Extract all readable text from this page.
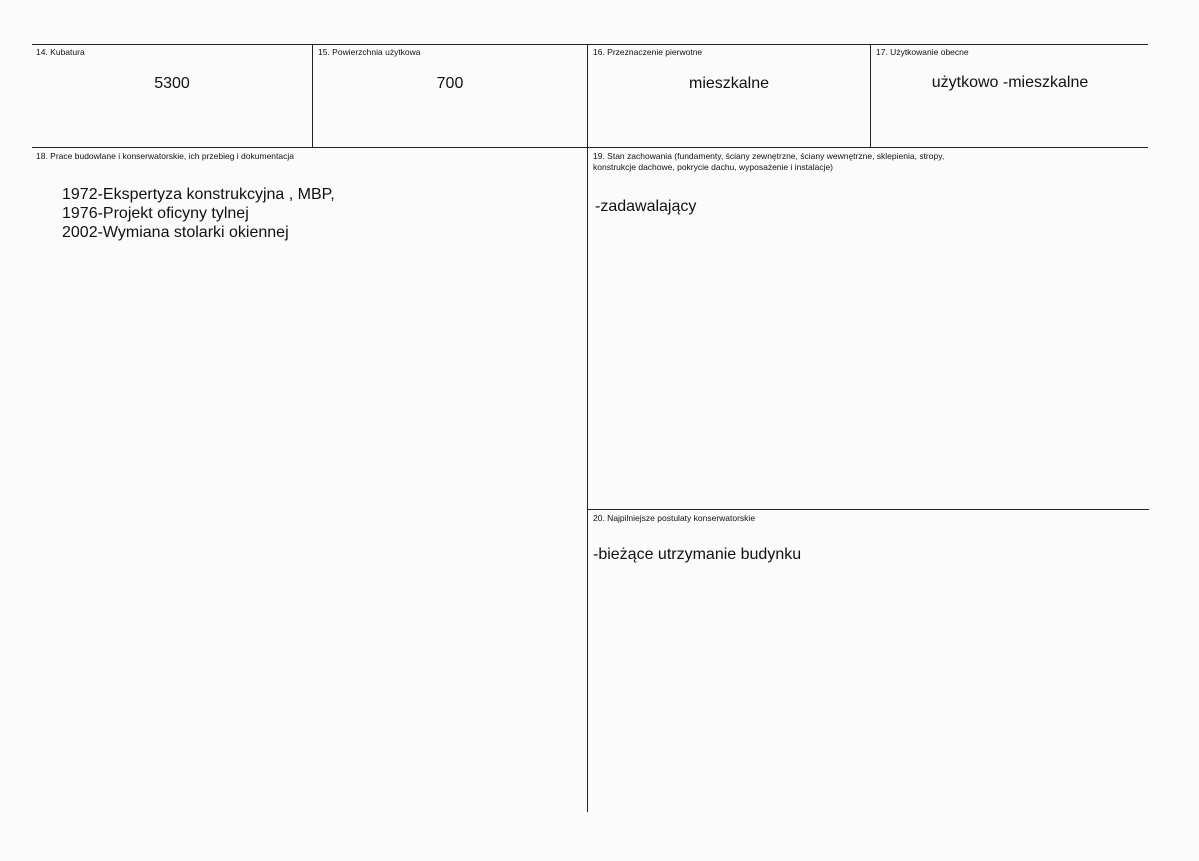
14. Kubatura
5300
15. Powierzchnia użytkowa
700
16. Przeznaczenie pierwotne
mieszkalne
17. Użytkowanie obecne
użytkowo -mieszkalne
18. Prace budowlane i konserwatorskie, ich przebieg i dokumentacja
1972-Ekspertyza konstrukcyjna , MBP,
1976-Projekt oficyny tylnej
2002-Wymiana stolarki okiennej
19. Stan zachowania (fundamenty, ściany zewnętrzne, ściany wewnętrzne, sklepienia, stropy,
konstrukcje dachowe, pokrycie dachu, wyposażenie i instalacje)
-zadawalający
20. Najpilniejsze postulaty konserwatorskie
-bieżące utrzymanie budynku
